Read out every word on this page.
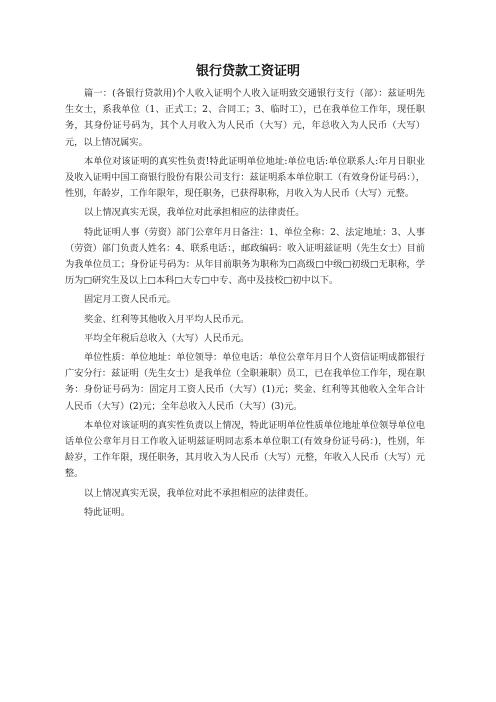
银行贷款工资证明

篇一：(各银行贷款用)个人收入证明个人收入证明致交通银行支行（部）：兹证明先生女士，系我单位（1、正式工；2、合同工；3、临时工），已在我单位工作年，现任职务，其身份证号码为，其个人月收入为人民币（大写）元，年总收入为人民币（大写）元，以上情况属实。

本单位对该证明的真实性负责!特此证明单位地址:单位电话:单位联系人:年月日职业及收入证明中国工商银行股份有限公司支行：兹证明系本单位职工（有效身份证号码：），性别，年龄岁，工作年限年，现任职务，已获得职称，月收入为人民币（大写）元整。

以上情况真实无误，我单位对此承担相应的法律责任。

特此证明人事（劳资）部门公章年月日备注：1、单位全称：2、法定地址：3、人事（劳资）部门负责人姓名：4、联系电话：，邮政编码：收入证明兹证明（先生女士）目前为我单位员工；身份证号码为：从年目前职务为职称为□高级□中级□初级□无职称，学历为□研究生及以上□本科□大专□中专、高中及技校□初中以下。

固定月工资人民币元。

奖金、红利等其他收入月平均人民币元。

平均全年税后总收入（大写）人民币元。

单位性质：单位地址：单位领导：单位电话：单位公章年月日个人资信证明成都银行广安分行：兹证明（先生女士）是我单位（全职兼职）员工，已在我单位工作年，现在职务：身份证号码为：固定月工资人民币（大写）(1)元；奖金、红利等其他收入全年合计人民币（大写）(2)元；全年总收入人民币（大写）(3)元。

本单位对该证明的真实性负责以上情况，特此证明单位性质单位地址单位领导单位电话单位公章年月日工作收入证明兹证明同志系本单位职工(有效身份证号码：)，性别，年龄岁，工作年限，现任职务，其月收入为人民币（大写）元整，年收入人民币（大写）元整。

以上情况真实无误，我单位对此不承担相应的法律责任。

特此证明。
